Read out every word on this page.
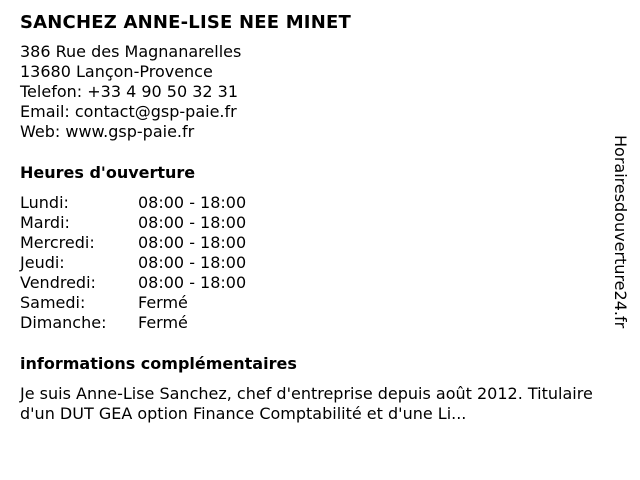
SANCHEZ ANNE-LISE NEE MINET
386 Rue des Magnanarelles
13680 Lançon-Provence
Telefon: +33 4 90 50 32 31
Email: contact@gsp-paie.fr
Web: www.gsp-paie.fr
Heures d'ouverture
Lundi:	08:00 - 18:00
Mardi:	08:00 - 18:00
Mercredi:	08:00 - 18:00
Jeudi:	08:00 - 18:00
Vendredi:	08:00 - 18:00
Samedi:	Fermé
Dimanche:	Fermé
informations complémentaires

Je suis Anne-Lise Sanchez, chef d'entreprise depuis août 2012. Titulaire d'un DUT GEA option Finance Comptabilité et d'une Li...

Horairesdouverture24.fr
